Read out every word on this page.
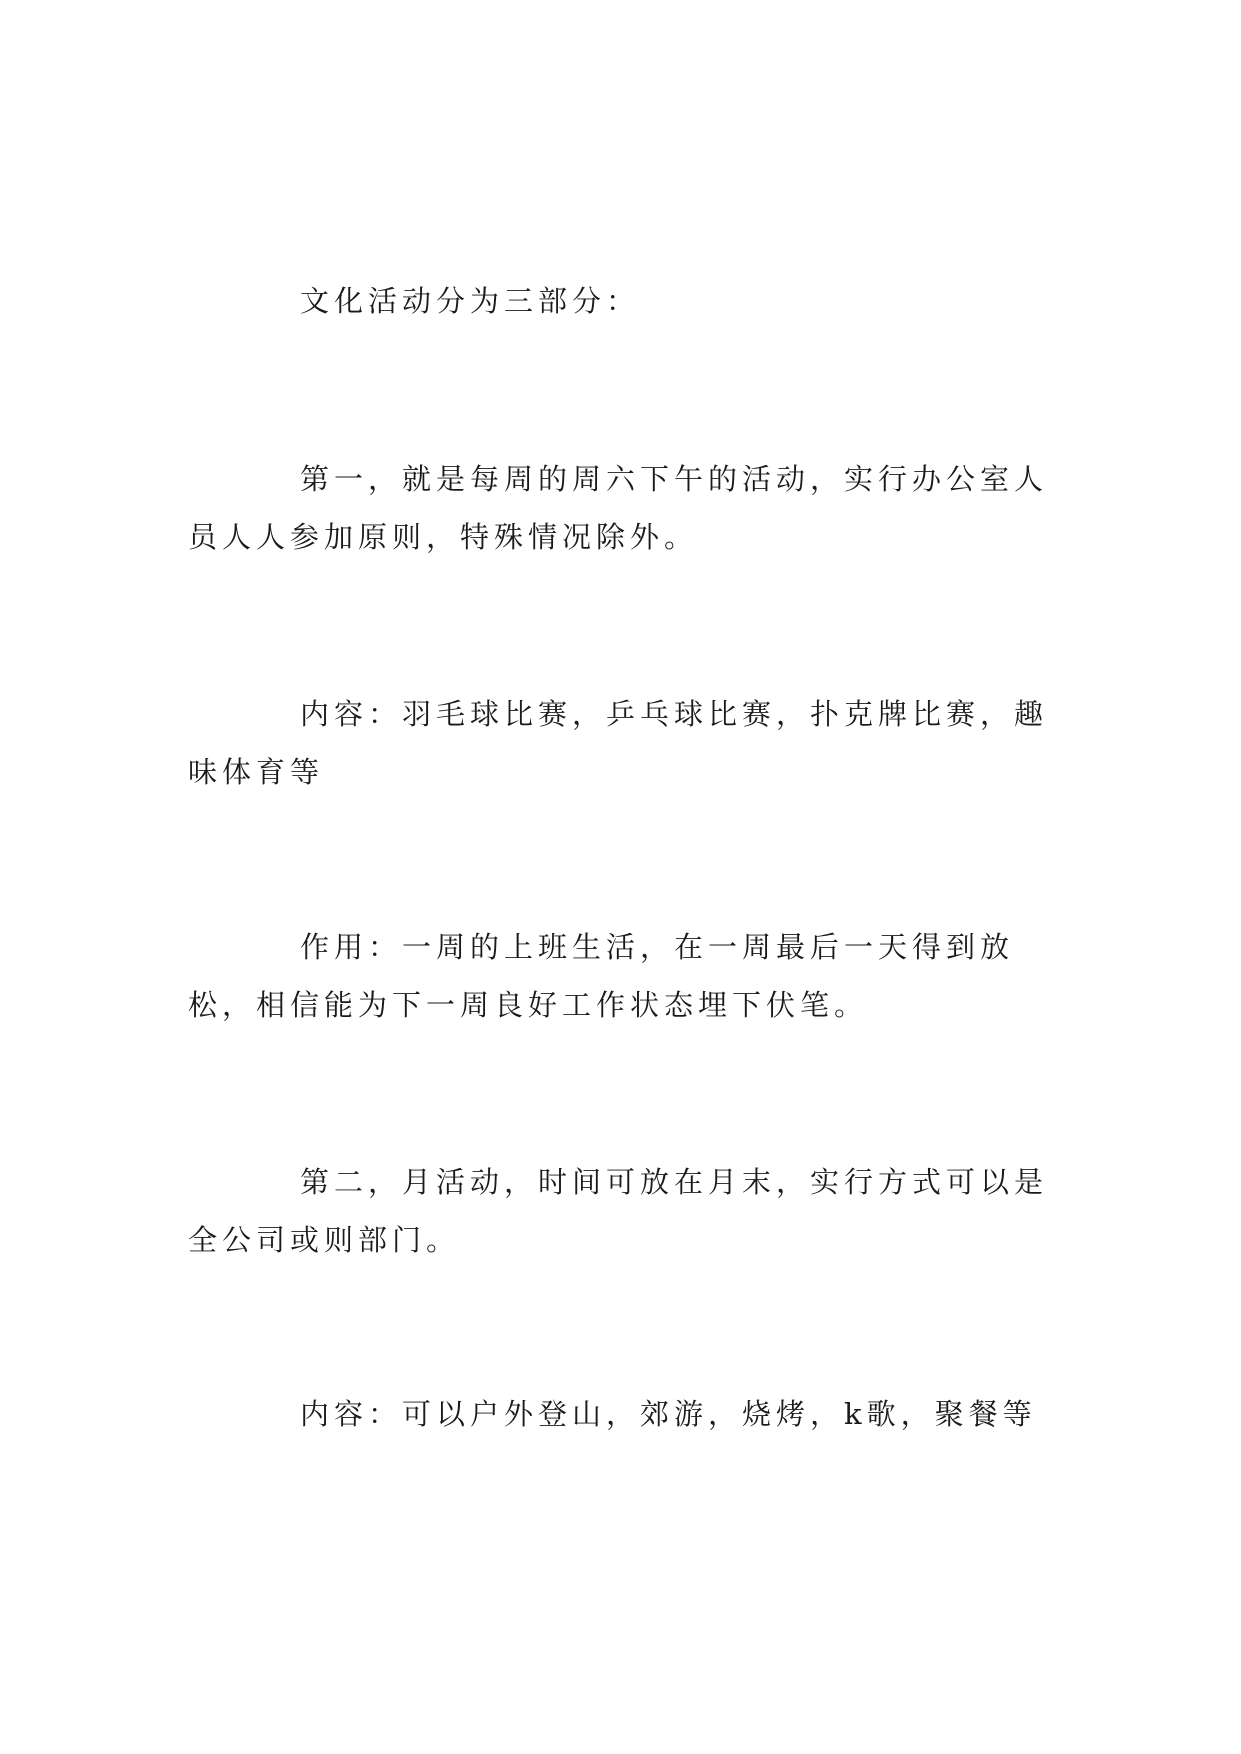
文化活动分为三部分：

第一，就是每周的周六下午的活动，实行办公室人员人人参加原则，特殊情况除外。

内容：羽毛球比赛，乒乓球比赛，扑克牌比赛，趣味体育等

作用：一周的上班生活，在一周最后一天得到放松，相信能为下一周良好工作状态埋下伏笔。

第二，月活动，时间可放在月末，实行方式可以是全公司或则部门。

内容：可以户外登山，郊游，烧烤，k歌，聚餐等
